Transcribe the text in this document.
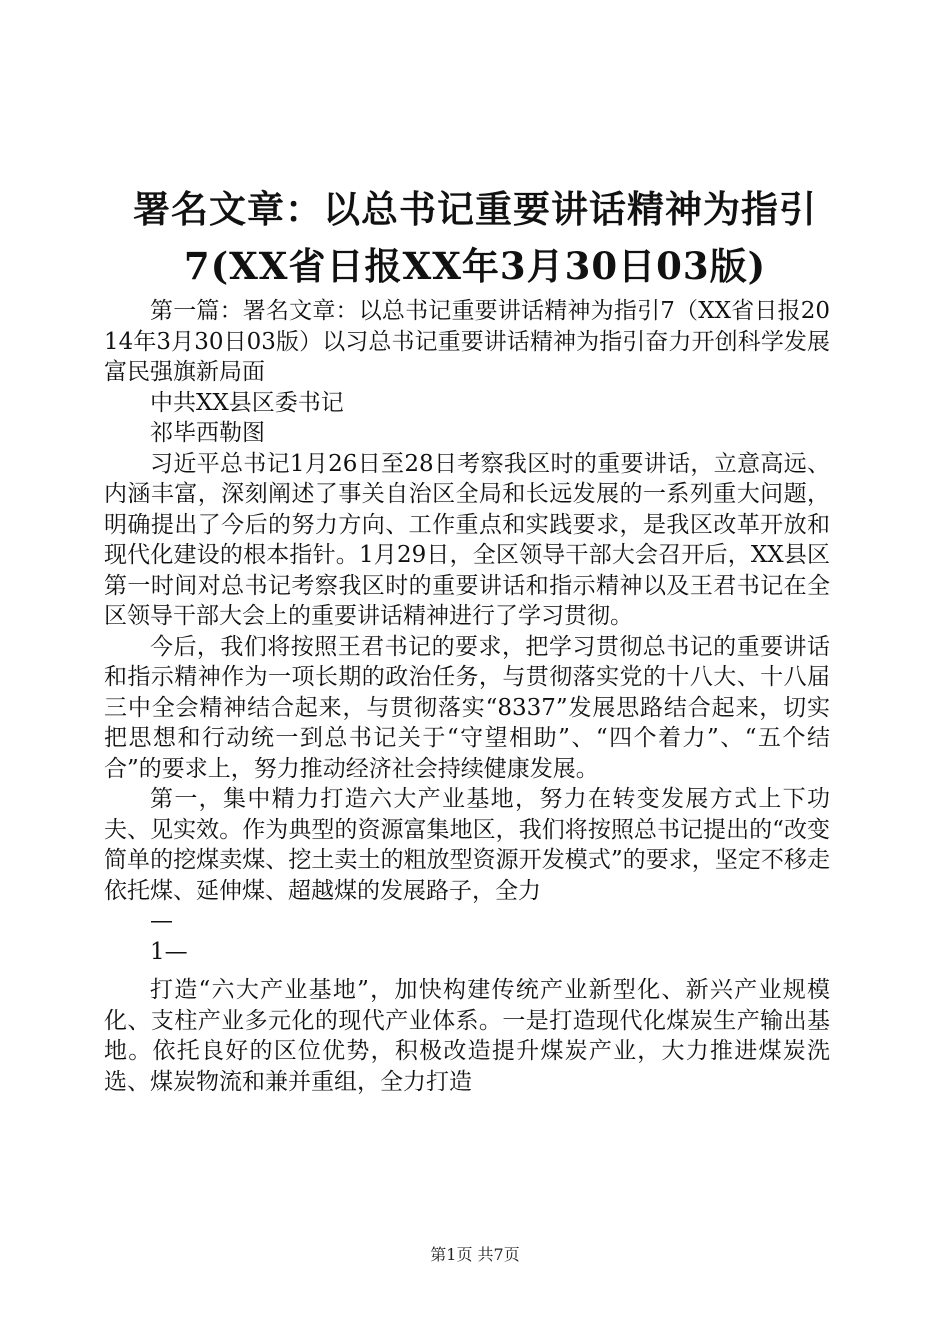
署名文章：以总书记重要讲话精神为指引
7(XX省日报XX年3月30日03版)

第一篇：署名文章：以总书记重要讲话精神为指引7（XX省日报2014年3月30日03版）以习总书记重要讲话精神为指引奋力开创科学发展富民强旗新局面

中共XX县区委书记

祁毕西勒图

习近平总书记1月26日至28日考察我区时的重要讲话，立意高远、内涵丰富，深刻阐述了事关自治区全局和长远发展的一系列重大问题，明确提出了今后的努力方向、工作重点和实践要求，是我区改革开放和现代化建设的根本指针。1月29日，全区领导干部大会召开后，XX县区第一时间对总书记考察我区时的重要讲话和指示精神以及王君书记在全区领导干部大会上的重要讲话精神进行了学习贯彻。

今后，我们将按照王君书记的要求，把学习贯彻总书记的重要讲话和指示精神作为一项长期的政治任务，与贯彻落实党的十八大、十八届三中全会精神结合起来，与贯彻落实“8337”发展思路结合起来，切实把思想和行动统一到总书记关于“守望相助”、“四个着力”、“五个结合”的要求上，努力推动经济社会持续健康发展。

第一，集中精力打造六大产业基地，努力在转变发展方式上下功夫、见实效。作为典型的资源富集地区，我们将按照总书记提出的“改变简单的挖煤卖煤、挖土卖土的粗放型资源开发模式”的要求，坚定不移走依托煤、延伸煤、超越煤的发展路子，全力

—

1—

打造“六大产业基地”，加快构建传统产业新型化、新兴产业规模化、支柱产业多元化的现代产业体系。一是打造现代化煤炭生产输出基地。依托良好的区位优势，积极改造提升煤炭产业，大力推进煤炭洗选、煤炭物流和兼并重组，全力打造

第1页 共7页
